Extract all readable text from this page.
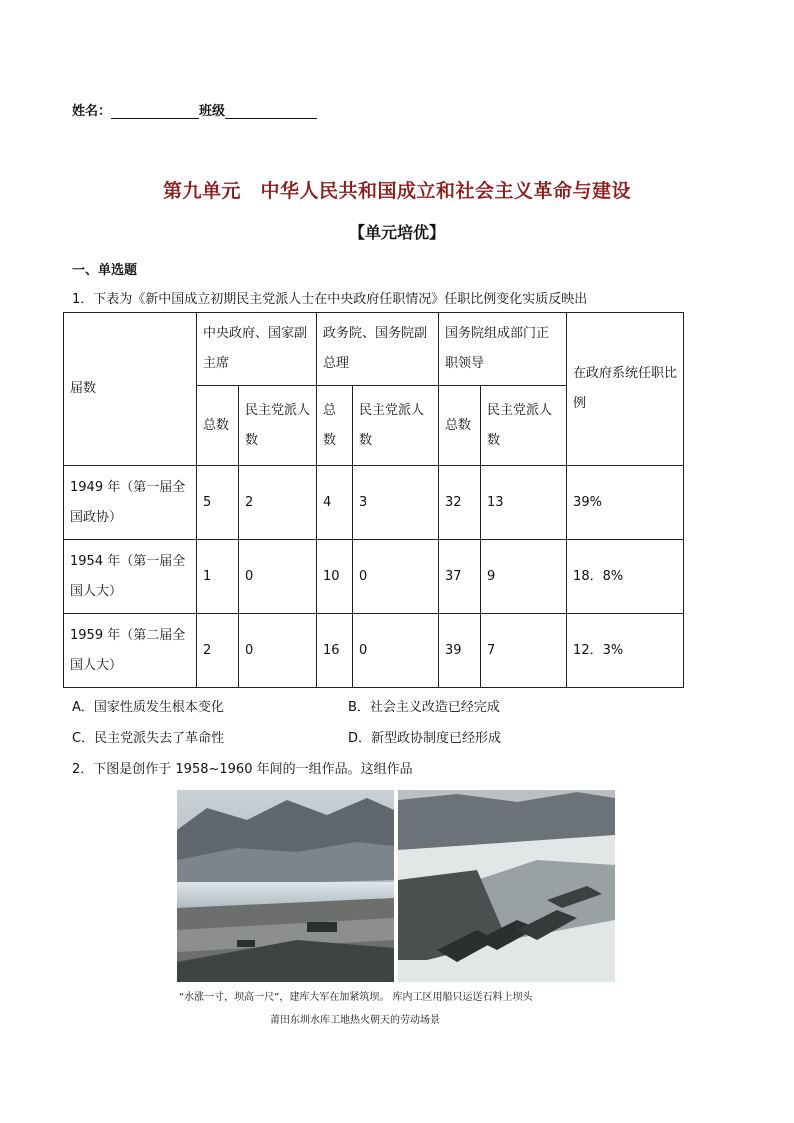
姓名：	班级
第九单元　中华人民共和国成立和社会主义革命与建设
【单元培优】
一、单选题
1．下表为《新中国成立初期民主党派人士在中央政府任职情况》任职比例变化实质反映出
届数	中央政府、国家副主席		政务院、国务院副总理		国务院组成部门正职领导		在政府系统任职比例
	总数	民主党派人数	总数	民主党派人数	总数	民主党派人数	
1949 年（第一届全国政协）	5	2	4	3	32	13	39%
1954 年（第一届全国人大）	1	0	10	0	37	9	18．8%
1959 年（第二届全国人大）	2	0	16	0	39	7	12．3%
A．国家性质发生根本变化	B．社会主义改造已经完成
C．民主党派失去了革命性	D．新型政协制度已经形成
2．下图是创作于 1958~1960 年间的一组作品。这组作品
“水涨一寸，坝高一尺”，建库大军在加紧筑坝。 库内工区用船只运送石料上坝头
莆田东圳水库工地热火朝天的劳动场景
